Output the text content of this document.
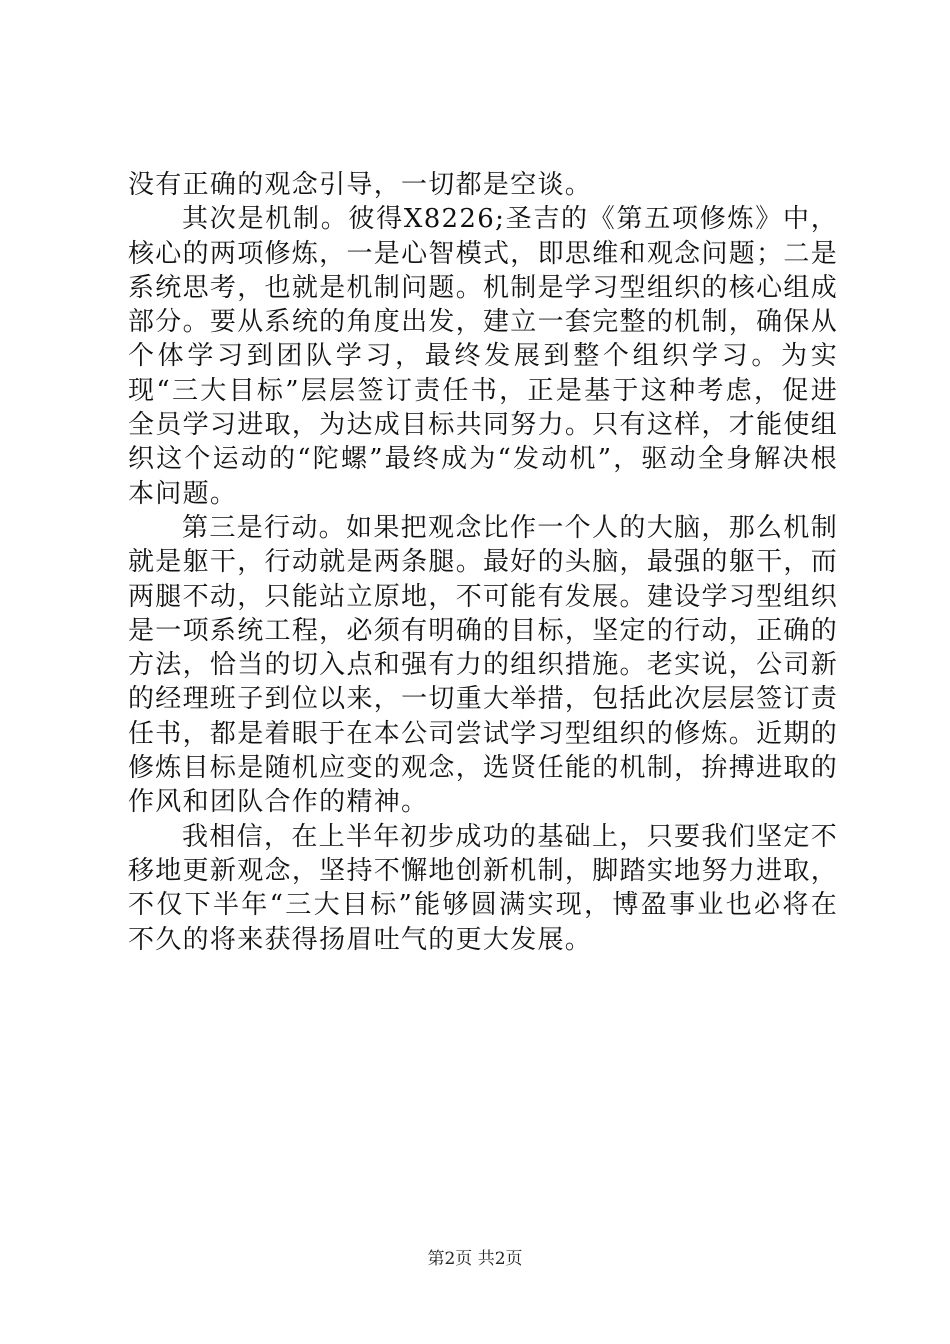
没有正确的观念引导，一切都是空谈。

其次是机制。彼得X8226;圣吉的《第五项修炼》中，核心的两项修炼，一是心智模式，即思维和观念问题；二是系统思考，也就是机制问题。机制是学习型组织的核心组成部分。要从系统的角度出发，建立一套完整的机制，确保从个体学习到团队学习，最终发展到整个组织学习。为实现“三大目标”层层签订责任书，正是基于这种考虑，促进全员学习进取，为达成目标共同努力。只有这样，才能使组织这个运动的“陀螺”最终成为“发动机”，驱动全身解决根本问题。

第三是行动。如果把观念比作一个人的大脑，那么机制就是躯干，行动就是两条腿。最好的头脑，最强的躯干，而两腿不动，只能站立原地，不可能有发展。建设学习型组织是一项系统工程，必须有明确的目标，坚定的行动，正确的方法，恰当的切入点和强有力的组织措施。老实说，公司新的经理班子到位以来，一切重大举措，包括此次层层签订责任书，都是着眼于在本公司尝试学习型组织的修炼。近期的修炼目标是随机应变的观念，选贤任能的机制，拚搏进取的作风和团队合作的精神。

我相信，在上半年初步成功的基础上，只要我们坚定不移地更新观念，坚持不懈地创新机制，脚踏实地努力进取，不仅下半年“三大目标”能够圆满实现，博盈事业也必将在不久的将来获得扬眉吐气的更大发展。

第2页 共2页
